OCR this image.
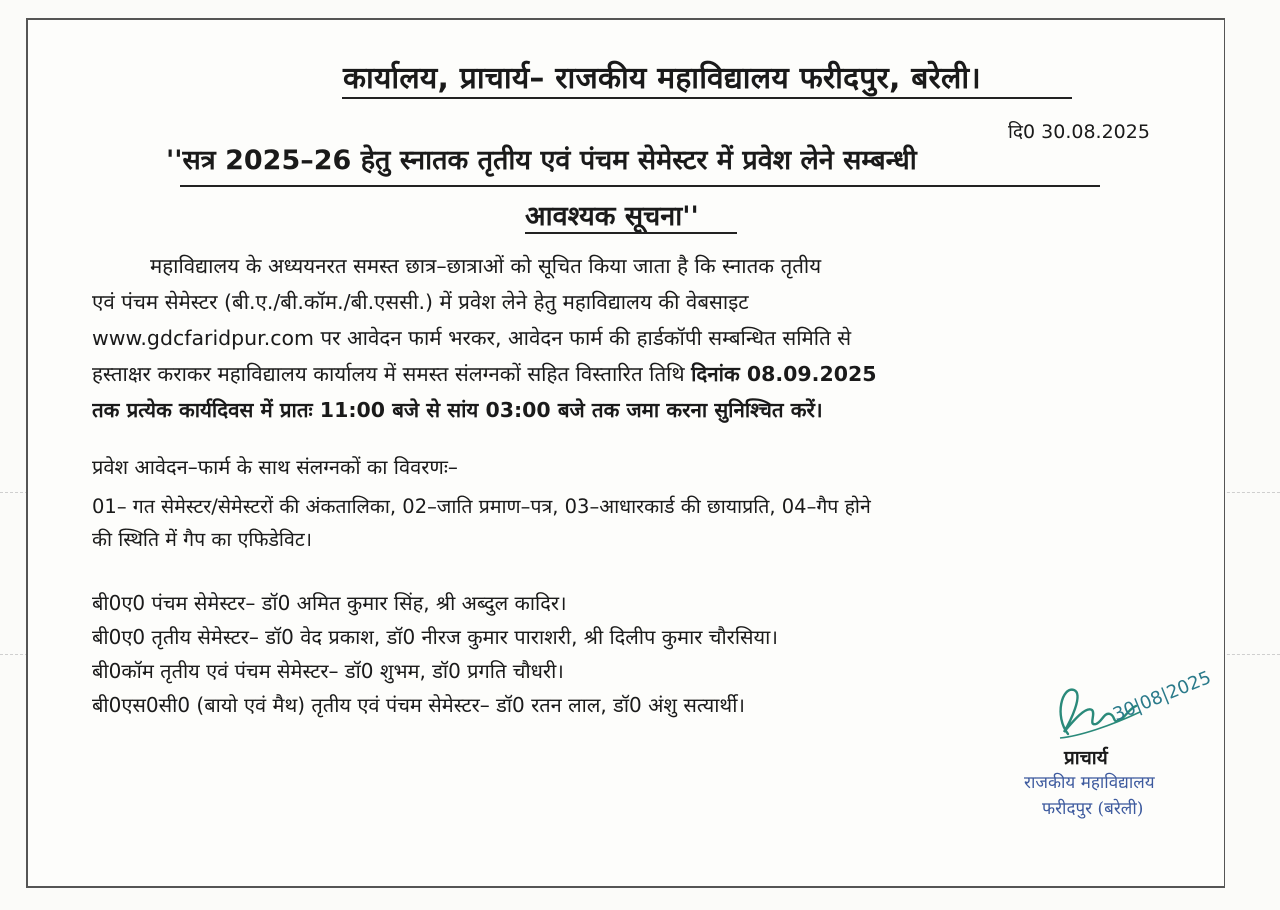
कार्यालय, प्राचार्य– राजकीय महाविद्यालय फरीदपुर, बरेली।
दि0 30.08.2025
''सत्र 2025–26 हेतु स्नातक तृतीय एवं पंचम सेमेस्टर में प्रवेश लेने सम्बन्धी
आवश्यक सूचना''
महाविद्यालय के अध्ययनरत समस्त छात्र–छात्राओं को सूचित किया जाता है कि स्नातक तृतीय
एवं पंचम सेमेस्टर (बी.ए./बी.कॉम./बी.एससी.) में प्रवेश लेने हेतु महाविद्यालय की वेबसाइट
www.gdcfaridpur.com पर आवेदन फार्म भरकर, आवेदन फार्म की हार्डकॉपी सम्बन्धित समिति से
हस्ताक्षर कराकर महाविद्यालय कार्यालय में समस्त संलग्नकों सहित विस्तारित तिथि दिनांक 08.09.2025
तक प्रत्येक कार्यदिवस में प्रातः 11:00 बजे से सांय 03:00 बजे तक जमा करना सुनिश्चित करें।
प्रवेश आवेदन–फार्म के साथ संलग्नकों का विवरणः–
01– गत सेमेस्टर/सेमेस्टरों की अंकतालिका, 02–जाति प्रमाण–पत्र, 03–आधारकार्ड की छायाप्रति, 04–गैप होने
की स्थिति में गैप का एफिडेविट।
बी0ए0 पंचम सेमेस्टर– डॉ0 अमित कुमार सिंह, श्री अब्दुल कादिर।
बी0ए0 तृतीय सेमेस्टर– डॉ0 वेद प्रकाश, डॉ0 नीरज कुमार पाराशरी, श्री दिलीप कुमार चौरसिया।
बी0कॉम तृतीय एवं पंचम सेमेस्टर– डॉ0 शुभम, डॉ0 प्रगति चौधरी।
बी0एस0सी0 (बायो एवं मैथ) तृतीय एवं पंचम सेमेस्टर– डॉ0 रतन लाल, डॉ0 अंशु सत्यार्थी।	30|08|2025
प्राचार्य
राजकीय महाविद्यालय
फरीदपुर (बरेली)
